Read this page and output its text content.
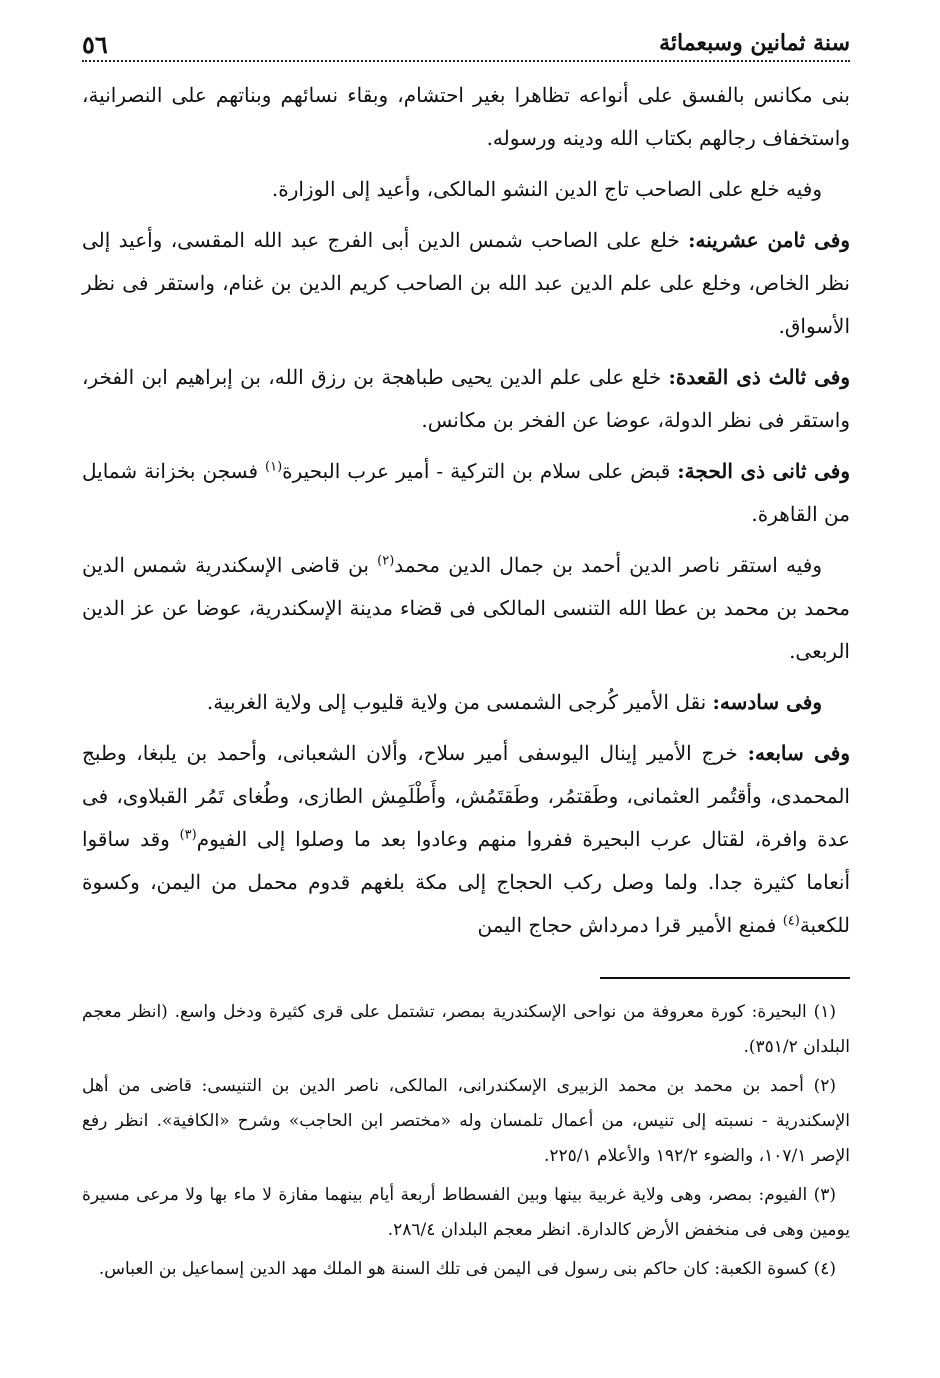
٥٦	سنة ثمانين وسبعمائة

بنى مكانس بالفسق على أنواعه تظاهرا بغير احتشام، وبقاء نسائهم وبناتهم على النصرانية، واستخفاف رجالهم بكتاب الله ودينه ورسوله.

وفيه خلع على الصاحب تاج الدين النشو المالكى، وأعيد إلى الوزارة.

وفى ثامن عشرينه: خلع على الصاحب شمس الدين أبى الفرج عبد الله المقسى، وأعيد إلى نظر الخاص، وخلع على علم الدين عبد الله بن الصاحب كريم الدين بن غنام، واستقر فى نظر الأسواق.

وفى ثالث ذى القعدة: خلع على علم الدين يحيى طباهجة بن رزق الله، بن إبراهيم ابن الفخر، واستقر فى نظر الدولة، عوضا عن الفخر بن مكانس.

وفى ثانى ذى الحجة: قبض على سلام بن التركية - أمير عرب البحيرة$^{(١)}$ فسجن بخزانة شمايل من القاهرة.

وفيه استقر ناصر الدين أحمد بن جمال الدين محمد$^{(٢)}$ بن قاضى الإسكندرية شمس الدين محمد بن محمد بن عطا الله التنسى المالكى فى قضاء مدينة الإسكندرية، عوضا عن عز الدين الربعى.

وفى سادسه: نقل الأمير كُرجى الشمسى من ولاية قليوب إلى ولاية الغربية.

وفى سابعه: خرج الأمير إينال اليوسفى أمير سلاح، وألان الشعبانى، وأحمد بن يلبغا، وطبج المحمدى، وأقتُمر العثمانى، وطَقتمُر، وطَقتَمُش، وأَطْلَمِش الطازى، وطُغاى تَمُر القبلاوى، فى عدة وافرة، لقتال عرب البحيرة ففروا منهم وعادوا بعد ما وصلوا إلى الفيوم$^{(٣)}$ وقد ساقوا أنعاما كثيرة جدا. ولما وصل ركب الحجاج إلى مكة بلغهم قدوم محمل من اليمن، وكسوة للكعبة$^{(٤)}$ فمنع الأمير قرا دمرداش حجاج اليمن

(١) البحيرة: كورة معروفة من نواحى الإسكندرية بمصر، تشتمل على قرى كثيرة ودخل واسع. (انظر معجم البلدان ٣٥١/٢).

(٢) أحمد بن محمد بن محمد الزبيرى الإسكندرانى، المالكى، ناصر الدين بن التنيسى: قاضى من أهل الإسكندرية - نسبته إلى تنيس، من أعمال تلمسان وله «مختصر ابن الحاجب» وشرح «الكافية». انظر رفع الإصر ١٠٧/١، والضوء ١٩٢/٢ والأعلام ٢٢٥/١.

(٣) الفيوم: بمصر، وهى ولاية غربية بينها وبين الفسطاط أربعة أيام بينهما مفازة لا ماء بها ولا مرعى مسيرة يومين وهى فى منخفض الأرض كالدارة. انظر معجم البلدان ٢٨٦/٤.

(٤) كسوة الكعبة: كان حاكم بنى رسول فى اليمن فى تلك السنة هو الملك مهد الدين إسماعيل بن العباس.
